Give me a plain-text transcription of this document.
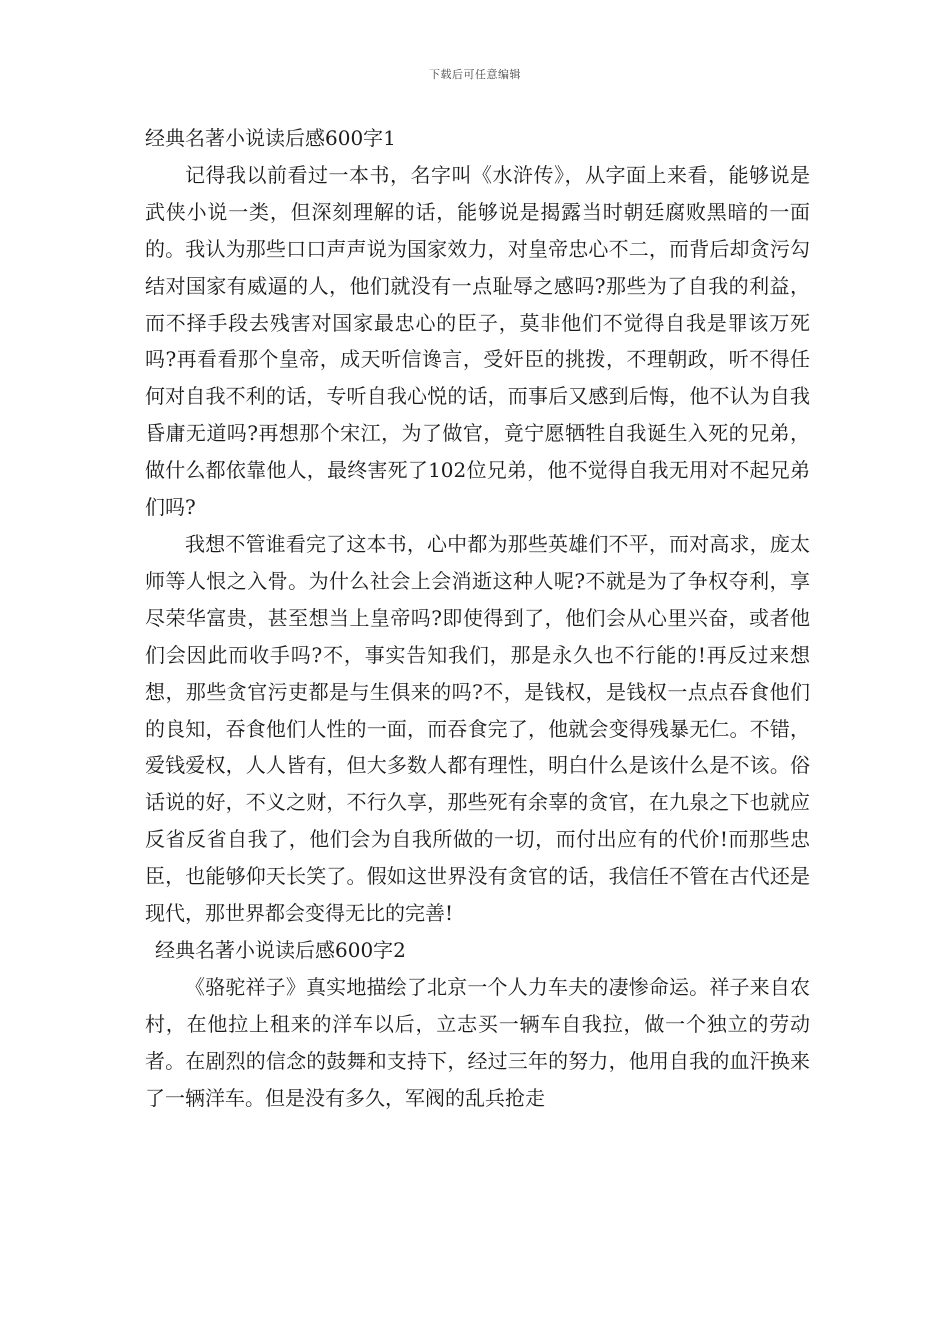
下载后可任意编辑

经典名著小说读后感600字1

记得我以前看过一本书，名字叫《水浒传》，从字面上来看，能够说是武侠小说一类，但深刻理解的话，能够说是揭露当时朝廷腐败黑暗的一面的。我认为那些口口声声说为国家效力，对皇帝忠心不二，而背后却贪污勾结对国家有威逼的人，他们就没有一点耻辱之感吗?那些为了自我的利益，而不择手段去残害对国家最忠心的臣子，莫非他们不觉得自我是罪该万死吗?再看看那个皇帝，成天听信谗言，受奸臣的挑拨，不理朝政，听不得任何对自我不利的话，专听自我心悦的话，而事后又感到后悔，他不认为自我昏庸无道吗?再想那个宋江，为了做官，竟宁愿牺牲自我诞生入死的兄弟，做什么都依靠他人，最终害死了102位兄弟，他不觉得自我无用对不起兄弟们吗?

我想不管谁看完了这本书，心中都为那些英雄们不平，而对高求，庞太师等人恨之入骨。为什么社会上会消逝这种人呢?不就是为了争权夺利，享尽荣华富贵，甚至想当上皇帝吗?即使得到了，他们会从心里兴奋，或者他们会因此而收手吗?不，事实告知我们，那是永久也不行能的!再反过来想想，那些贪官污吏都是与生俱来的吗?不，是钱权，是钱权一点点吞食他们的良知，吞食他们人性的一面，而吞食完了，他就会变得残暴无仁。不错，爱钱爱权，人人皆有，但大多数人都有理性，明白什么是该什么是不该。俗话说的好，不义之财，不行久享，那些死有余辜的贪官，在九泉之下也就应反省反省自我了，他们会为自我所做的一切，而付出应有的代价!而那些忠臣，也能够仰天长笑了。假如这世界没有贪官的话，我信任不管在古代还是现代，那世界都会变得无比的完善!

经典名著小说读后感600字2

《骆驼祥子》真实地描绘了北京一个人力车夫的凄惨命运。祥子来自农村，在他拉上租来的洋车以后，立志买一辆车自我拉，做一个独立的劳动者。在剧烈的信念的鼓舞和支持下，经过三年的努力，他用自我的血汗换来了一辆洋车。但是没有多久，军阀的乱兵抢走
